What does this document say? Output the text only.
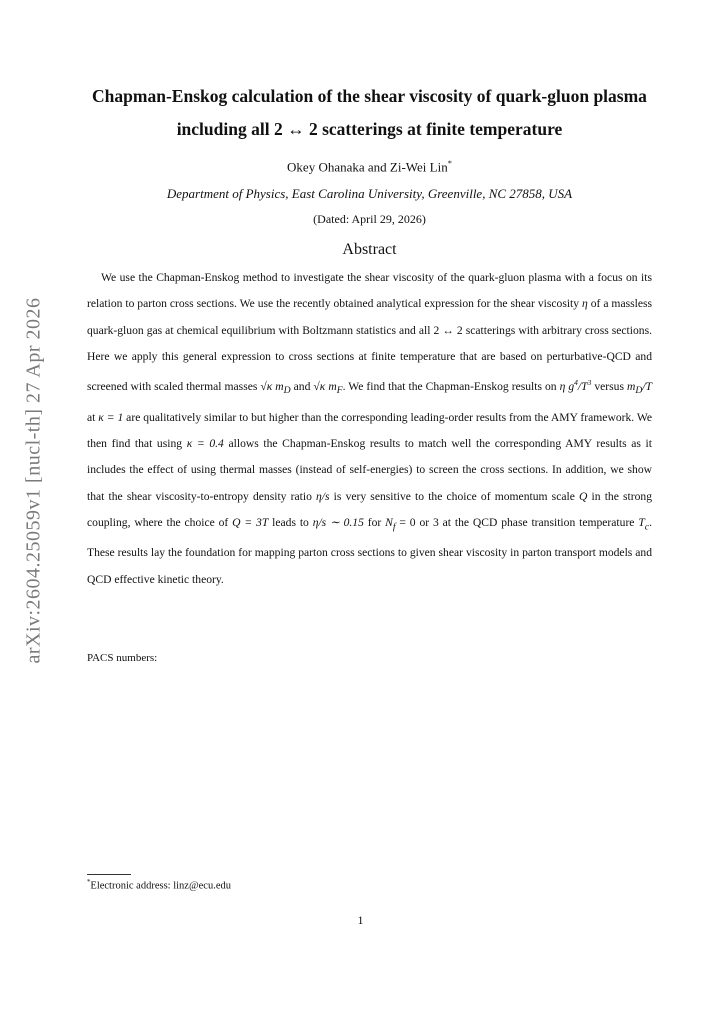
arXiv:2604.25059v1 [nucl-th] 27 Apr 2026
Chapman-Enskog calculation of the shear viscosity of quark-gluon plasma including all 2 ↔ 2 scatterings at finite temperature
Okey Ohanaka and Zi-Wei Lin*
Department of Physics, East Carolina University, Greenville, NC 27858, USA
(Dated: April 29, 2026)
Abstract

We use the Chapman-Enskog method to investigate the shear viscosity of the quark-gluon plasma with a focus on its relation to parton cross sections. We use the recently obtained analytical expression for the shear viscosity η of a massless quark-gluon gas at chemical equilibrium with Boltzmann statistics and all 2 ↔ 2 scatterings with arbitrary cross sections. Here we apply this general expression to cross sections at finite temperature that are based on perturbative-QCD and screened with scaled thermal masses √κ $m_D$ and √κ $m_F$. We find that the Chapman-Enskog results on η $g^4/T^3$ versus $m_D/T$ at κ = 1 are qualitatively similar to but higher than the corresponding leading-order results from the AMY framework. We then find that using κ = 0.4 allows the Chapman-Enskog results to match well the corresponding AMY results as it includes the effect of using thermal masses (instead of self-energies) to screen the cross sections. In addition, we show that the shear viscosity-to-entropy density ratio η/s is very sensitive to the choice of momentum scale Q in the strong coupling, where the choice of Q = 3T leads to η/s ∼ 0.15 for $N_f = 0$ or 3 at the QCD phase transition temperature $T_c$. These results lay the foundation for mapping parton cross sections to given shear viscosity in parton transport models and QCD effective kinetic theory.

PACS numbers:
*Electronic address: linz@ecu.edu
1
